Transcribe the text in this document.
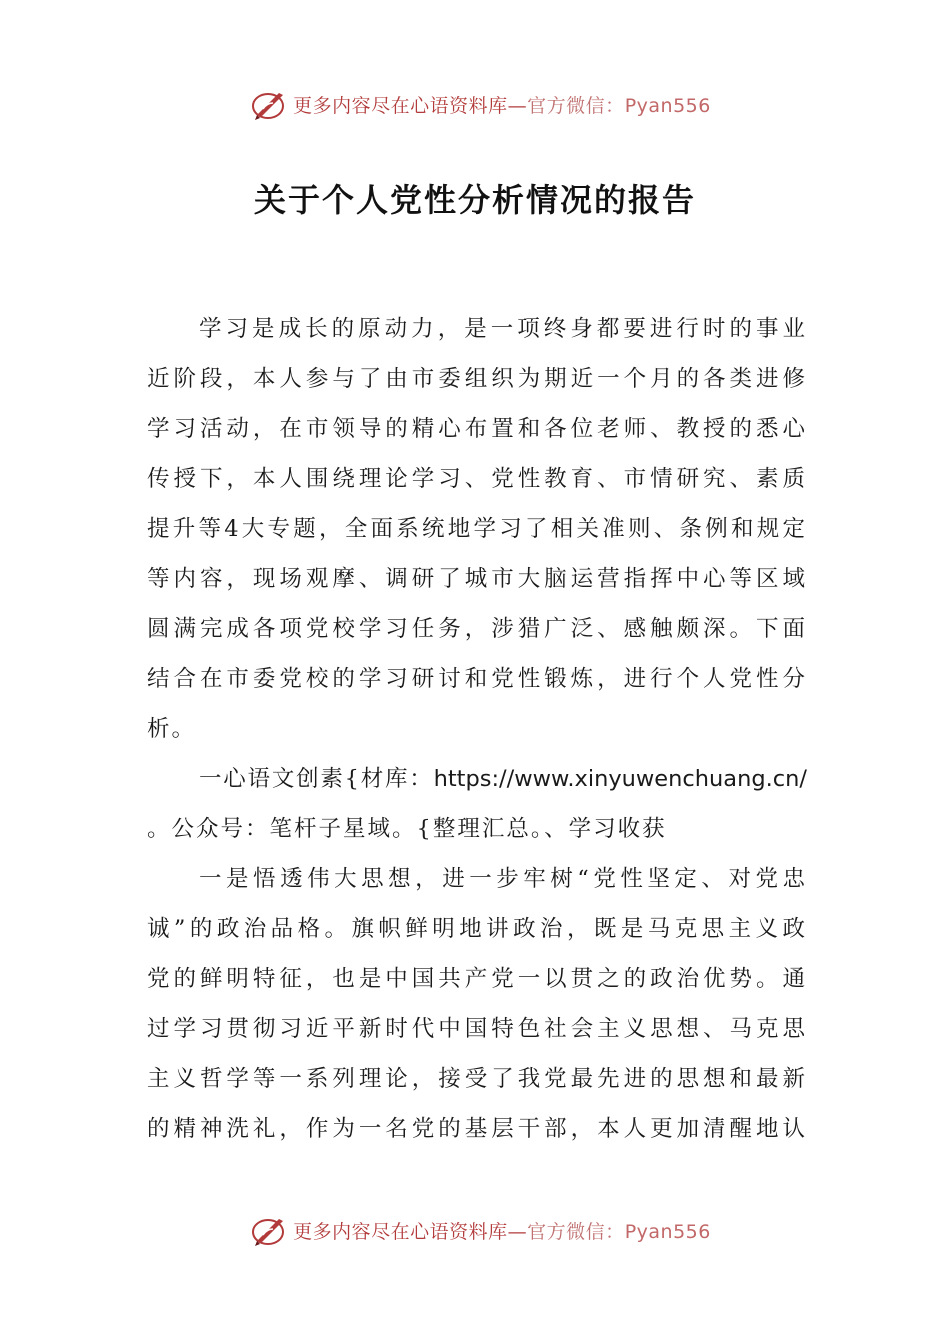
更多内容尽在心语资料库—官方微信：Pyan556
关于个人党性分析情况的报告
学习是成长的原动力，是一项终身都要进行时的事业
近阶段，本人参与了由市委组织为期近一个月的各类进修
学习活动，在市领导的精心布置和各位老师、教授的悉心
传授下，本人围绕理论学习、党性教育、市情研究、素质
提升等4大专题，全面系统地学习了相关准则、条例和规定
等内容，现场观摩、调研了城市大脑运营指挥中心等区域
圆满完成各项党校学习任务，涉猎广泛、感触颇深。下面
结合在市委党校的学习研讨和党性锻炼，进行个人党性分
析。
一心语文创素{材库：https://www.xinyuwenchuang.cn/
。公众号：笔杆子星域。{整理汇总。、学习收获
一是悟透伟大思想，进一步牢树“党性坚定、对党忠
诚”的政治品格。旗帜鲜明地讲政治，既是马克思主义政
党的鲜明特征，也是中国共产党一以贯之的政治优势。通
过学习贯彻习近平新时代中国特色社会主义思想、马克思
主义哲学等一系列理论，接受了我党最先进的思想和最新
的精神洗礼，作为一名党的基层干部，本人更加清醒地认
更多内容尽在心语资料库—官方微信：Pyan556
